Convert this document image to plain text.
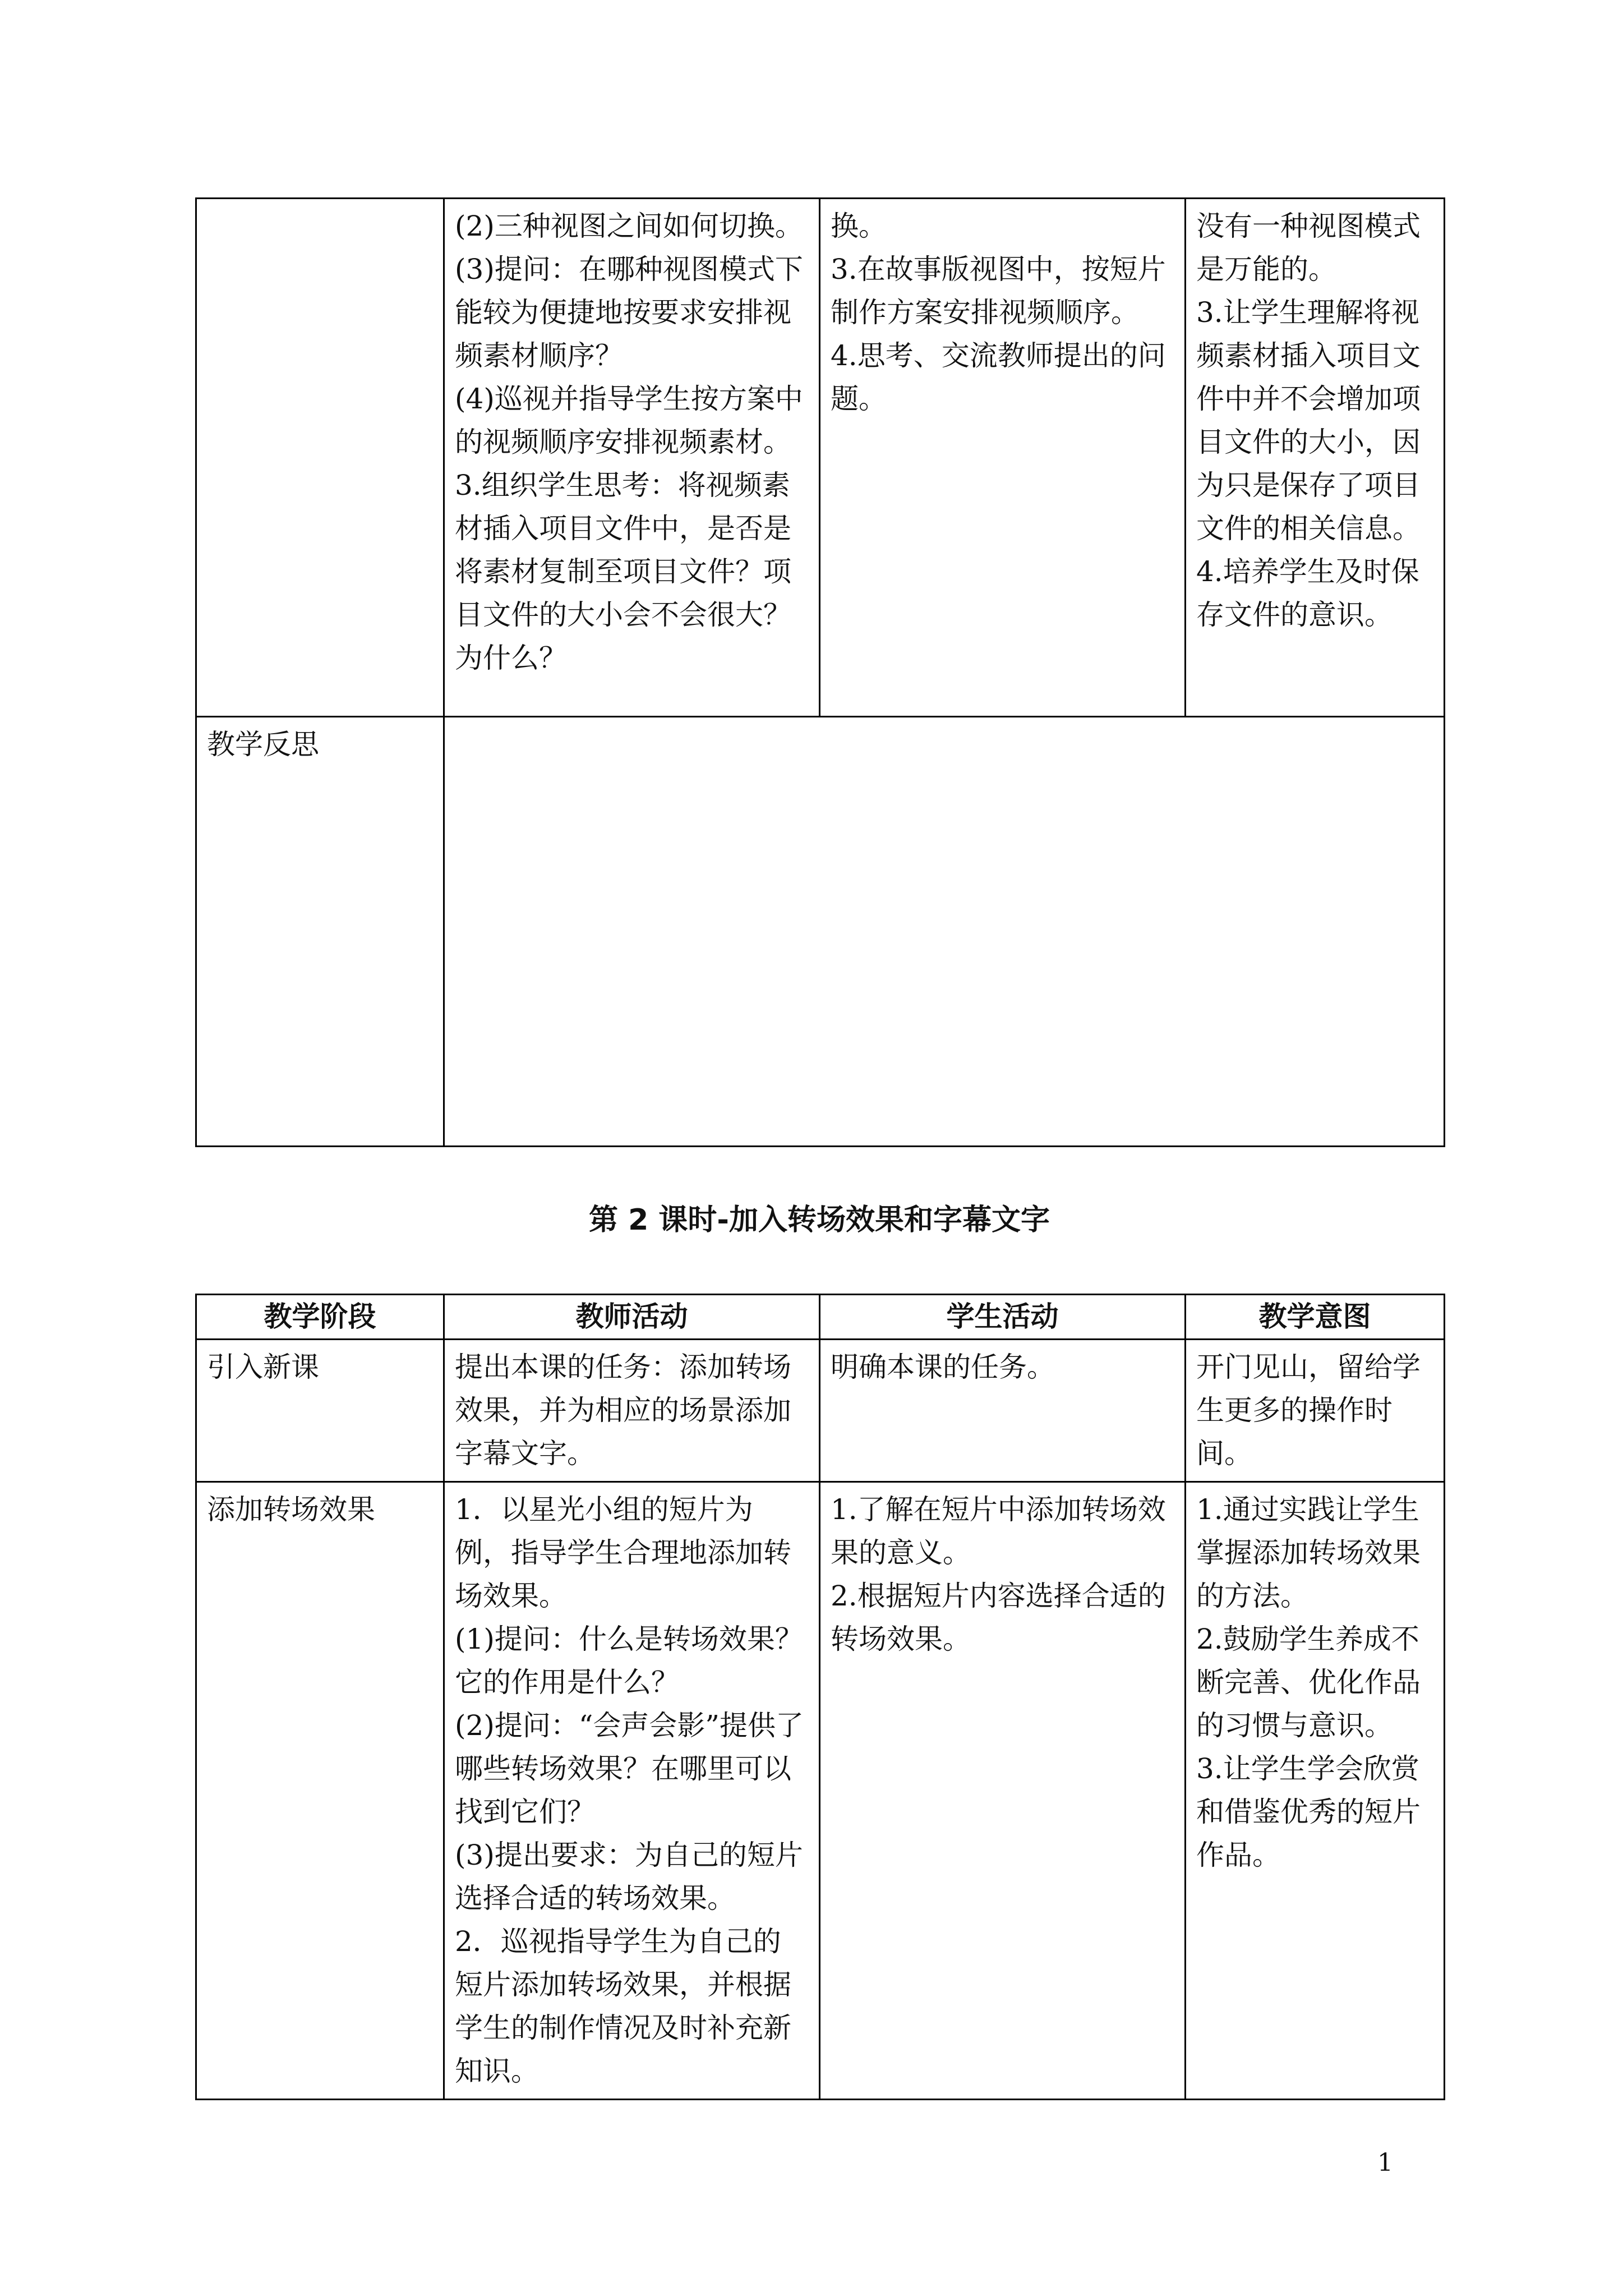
	(2)三种视图之间如何切换。
(3)提问：在哪种视图模式下能较为便捷地按要求安排视频素材顺序？
(4)巡视并指导学生按方案中的视频顺序安排视频素材。
3.组织学生思考：将视频素材插入项目文件中，是否是将素材复制至项目文件？项目文件的大小会不会很大？为什么？	换。
3.在故事版视图中，按短片制作方案安排视频顺序。
4.思考、交流教师提出的问题。	没有一种视图模式是万能的。
3.让学生理解将视频素材插入项目文件中并不会增加项目文件的大小，因为只是保存了项目文件的相关信息。
4.培养学生及时保存文件的意识。

教学反思			
第 2 课时-加入转场效果和字幕文字
教学阶段	教师活动	学生活动	教学意图
引入新课	提出本课的任务：添加转场效果，并为相应的场景添加字幕文字。	明确本课的任务。	开门见山，留给学生更多的操作时间。

添加转场效果	1．以星光小组的短片为例，指导学生合理地添加转场效果。
(1)提问：什么是转场效果？它的作用是什么？
(2)提问：“会声会影”提供了哪些转场效果？在哪里可以找到它们？
(3)提出要求：为自己的短片选择合适的转场效果。
2．巡视指导学生为自己的短片添加转场效果，并根据学生的制作情况及时补充新知识。	1.了解在短片中添加转场效果的意义。
2.根据短片内容选择合适的转场效果。	1.通过实践让学生掌握添加转场效果的方法。
2.鼓励学生养成不断完善、优化作品的习惯与意识。
3.让学生学会欣赏和借鉴优秀的短片作品。
1
